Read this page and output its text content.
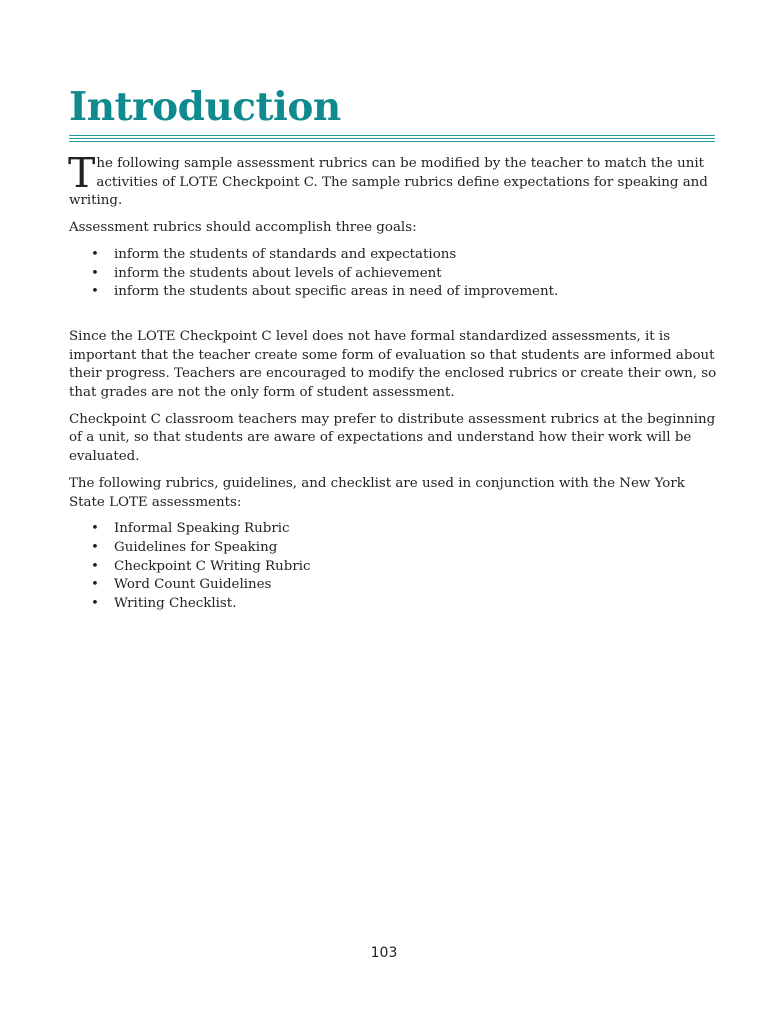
Introduction
T he following sample assessment rubrics can be modified by the teacher to match the unit activities of LOTE Checkpoint C. The sample rubrics define expectations for speaking and writing.

Assessment rubrics should accomplish three goals:

• inform the students of standards and expectations
• inform the students about levels of achievement
• inform the students about specific areas in need of improvement.

Since the LOTE Checkpoint C level does not have formal standardized assessments, it is important that the teacher create some form of evaluation so that students are informed about their progress. Teachers are encouraged to modify the enclosed rubrics or create their own, so that grades are not the only form of student assessment.

Checkpoint C classroom teachers may prefer to distribute assessment rubrics at the beginning of a unit, so that students are aware of expectations and understand how their work will be evaluated.

The following rubrics, guidelines, and checklist are used in conjunction with the New York State LOTE assessments:

• Informal Speaking Rubric
• Guidelines for Speaking
• Checkpoint C Writing Rubric
• Word Count Guidelines
• Writing Checklist.
103
